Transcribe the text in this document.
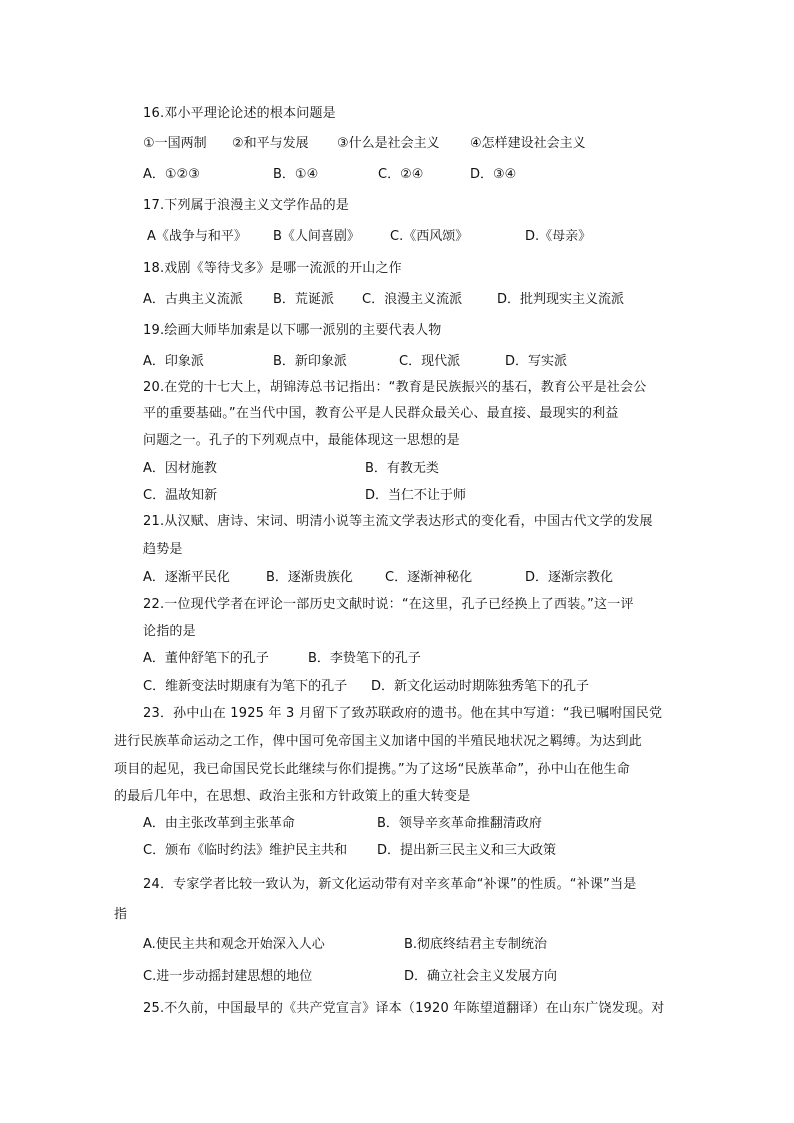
16.邓小平理论论述的根本问题是
①一国两制 ②和平与发展 ③什么是社会主义 ④怎样建设社会主义
A．①②③	B．①④	C．②④	D．③④
17.下列属于浪漫主义文学作品的是
A《战争与和平》 B《人间喜剧》 C.《西风颂》	D.《母亲》
18.戏剧《等待戈多》是哪一流派的开山之作
A．古典主义流派 B．荒诞派 C．浪漫主义流派	D．批判现实主义流派
19.绘画大师毕加索是以下哪一派别的主要代表人物
A．印象派	B．新印象派	C．现代派	D．写实派
20.在党的十七大上，胡锦涛总书记指出：“教育是民族振兴的基石，教育公平是社会公
平的重要基础。”在当代中国，教育公平是人民群众最关心、最直接、最现实的利益
问题之一。孔子的下列观点中，最能体现这一思想的是
A．因材施教	B．有教无类
C．温故知新	D．当仁不让于师
21.从汉赋、唐诗、宋词、明清小说等主流文学表达形式的变化看，中国古代文学的发展
趋势是
A．逐渐平民化	B．逐渐贵族化 C．逐渐神秘化	D．逐渐宗教化
22.一位现代学者在评论一部历史文献时说：“在这里，孔子已经换上了西装。”这一评
论指的是
A．董仲舒笔下的孔子	B．李贽笔下的孔子
C．维新变法时期康有为笔下的孔子 D．新文化运动时期陈独秀笔下的孔子
23．孙中山在 1925 年 3 月留下了致苏联政府的遗书。他在其中写道：“我已嘱咐国民党
进行民族革命运动之工作，俾中国可免帝国主义加诸中国的半殖民地状况之羁缚。为达到此
项目的起见，我已命国民党长此继续与你们提携。”为了这场“民族革命”，孙中山在他生命
的最后几年中，在思想、政治主张和方针政策上的重大转变是
A．由主张改革到主张革命	B．领导辛亥革命推翻清政府
C．颁布《临时约法》维护民主共和 D．提出新三民主义和三大政策
24．专家学者比较一致认为，新文化运动带有对辛亥革命“补课”的性质。“补课”当是
指
A.使民主共和观念开始深入人心	B.彻底终结君主专制统治
C.进一步动摇封建思想的地位	D．确立社会主义发展方向
25.不久前，中国最早的《共产党宣言》译本（1920 年陈望道翻译）在山东广饶发现。对
